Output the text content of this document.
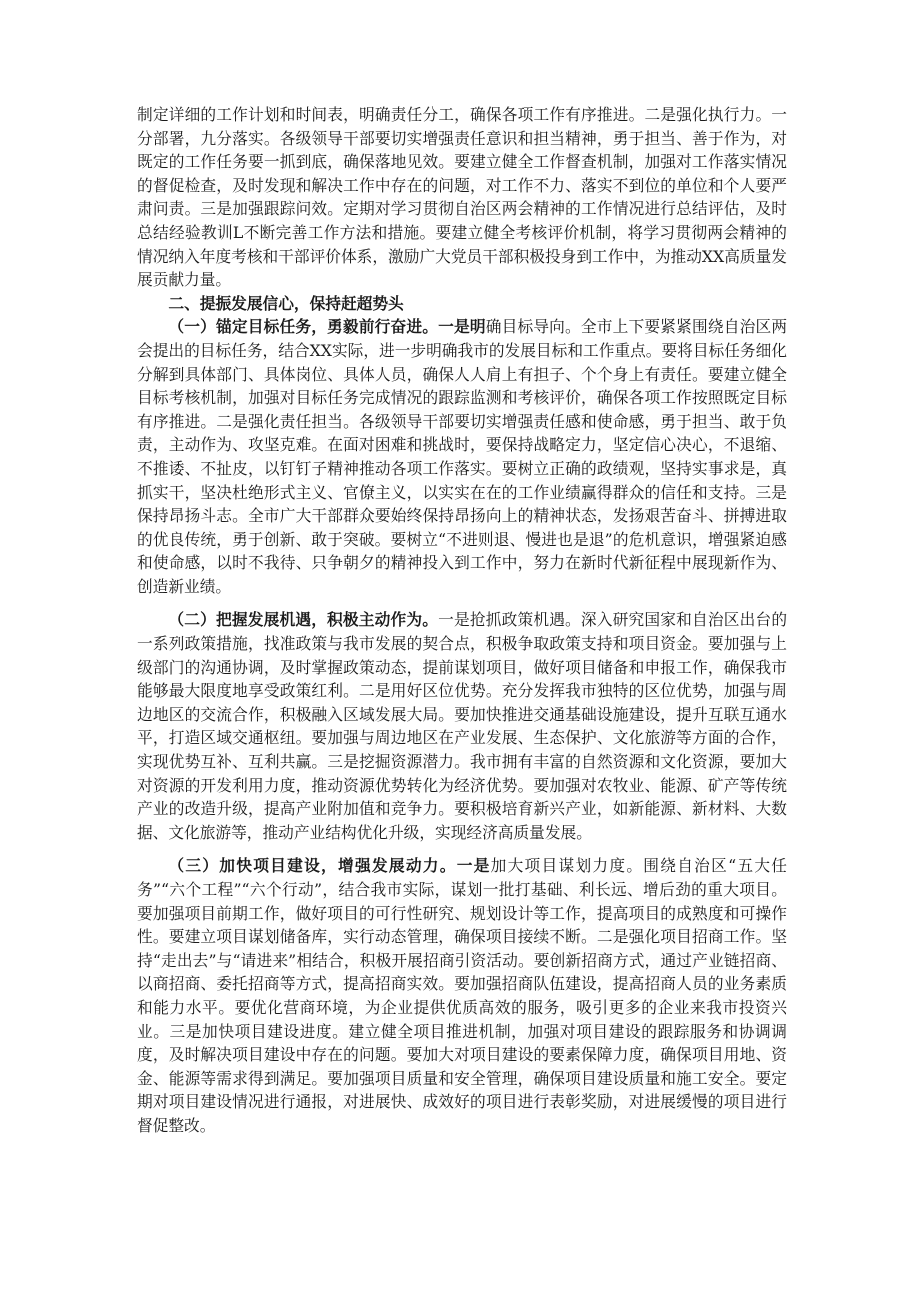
制定详细的工作计划和时间表，明确责任分工，确保各项工作有序推进。二是强化执行力。一分部署，九分落实。各级领导干部要切实增强责任意识和担当精神，勇于担当、善于作为，对既定的工作任务要一抓到底，确保落地见效。要建立健全工作督查机制，加强对工作落实情况的督促检查，及时发现和解决工作中存在的问题，对工作不力、落实不到位的单位和个人要严肃问责。三是加强跟踪问效。定期对学习贯彻自治区两会精神的工作情况进行总结评估，及时总结经验教训L不断完善工作方法和措施。要建立健全考核评价机制，将学习贯彻两会精神的情况纳入年度考核和干部评价体系，激励广大党员干部积极投身到工作中，为推动XX高质量发展贡献力量。

二、提振发展信心，保持赶超势头

（一）锚定目标任务，勇毅前行奋进。一是明确目标导向。全市上下要紧紧围绕自治区两会提出的目标任务，结合XX实际，进一步明确我市的发展目标和工作重点。要将目标任务细化分解到具体部门、具体岗位、具体人员，确保人人肩上有担子、个个身上有责任。要建立健全目标考核机制，加强对目标任务完成情况的跟踪监测和考核评价，确保各项工作按照既定目标有序推进。二是强化责任担当。各级领导干部要切实增强责任感和使命感，勇于担当、敢于负责，主动作为、攻坚克难。在面对困难和挑战时，要保持战略定力，坚定信心决心，不退缩、不推诿、不扯皮，以钉钉子精神推动各项工作落实。要树立正确的政绩观，坚持实事求是，真抓实干，坚决杜绝形式主义、官僚主义，以实实在在的工作业绩赢得群众的信任和支持。三是保持昂扬斗志。全市广大干部群众要始终保持昂扬向上的精神状态，发扬艰苦奋斗、拼搏进取的优良传统，勇于创新、敢于突破。要树立“不进则退、慢进也是退”的危机意识，增强紧迫感和使命感，以时不我待、只争朝夕的精神投入到工作中，努力在新时代新征程中展现新作为、创造新业绩。

（二）把握发展机遇，积极主动作为。一是抢抓政策机遇。深入研究国家和自治区出台的一系列政策措施，找准政策与我市发展的契合点，积极争取政策支持和项目资金。要加强与上级部门的沟通协调，及时掌握政策动态，提前谋划项目，做好项目储备和申报工作，确保我市能够最大限度地享受政策红利。二是用好区位优势。充分发挥我市独特的区位优势，加强与周边地区的交流合作，积极融入区域发展大局。要加快推进交通基础设施建设，提升互联互通水平，打造区域交通枢纽。要加强与周边地区在产业发展、生态保护、文化旅游等方面的合作，实现优势互补、互利共赢。三是挖掘资源潜力。我市拥有丰富的自然资源和文化资源，要加大对资源的开发利用力度，推动资源优势转化为经济优势。要加强对农牧业、能源、矿产等传统产业的改造升级，提高产业附加值和竞争力。要积极培育新兴产业，如新能源、新材料、大数据、文化旅游等，推动产业结构优化升级，实现经济高质量发展。

（三）加快项目建设，增强发展动力。一是加大项目谋划力度。围绕自治区“五大任务”“六个工程”“六个行动”，结合我市实际，谋划一批打基础、利长远、增后劲的重大项目。要加强项目前期工作，做好项目的可行性研究、规划设计等工作，提高项目的成熟度和可操作性。要建立项目谋划储备库，实行动态管理，确保项目接续不断。二是强化项目招商工作。坚持“走出去”与“请进来”相结合，积极开展招商引资活动。要创新招商方式，通过产业链招商、以商招商、委托招商等方式，提高招商实效。要加强招商队伍建设，提高招商人员的业务素质和能力水平。要优化营商环境，为企业提供优质高效的服务，吸引更多的企业来我市投资兴业。三是加快项目建设进度。建立健全项目推进机制，加强对项目建设的跟踪服务和协调调度，及时解决项目建设中存在的问题。要加大对项目建设的要素保障力度，确保项目用地、资金、能源等需求得到满足。要加强项目质量和安全管理，确保项目建设质量和施工安全。要定期对项目建设情况进行通报，对进展快、成效好的项目进行表彰奖励，对进展缓慢的项目进行督促整改。
